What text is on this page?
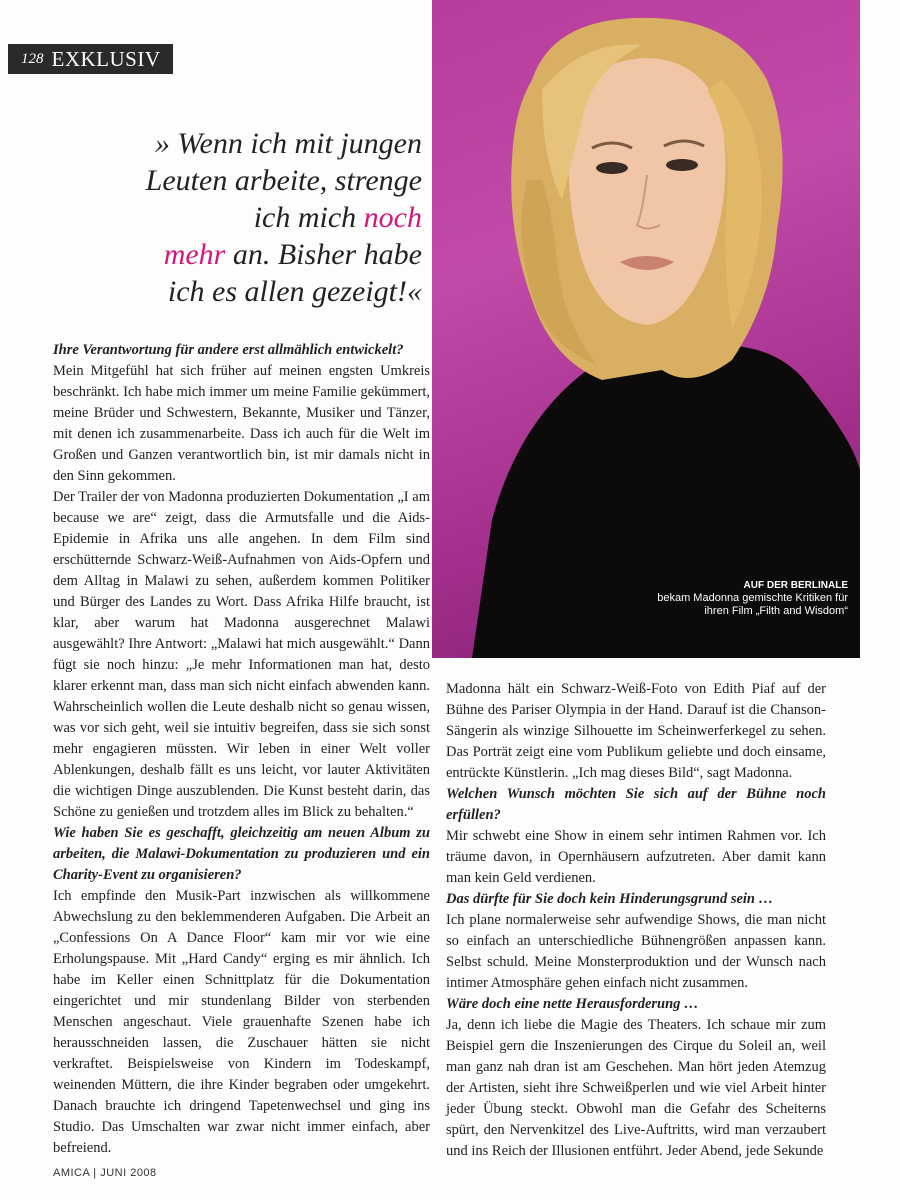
128 EXKLUSIV
» Wenn ich mit jungen Leuten arbeite, strenge ich mich noch
mehr an. Bisher habe ich es allen gezeigt!«
AUF DER BERLINALE
bekam Madonna gemischte Kritiken für ihren Film „Filth and Wisdom“

Ihre Verantwortung für andere erst allmählich entwickelt?

Mein Mitgefühl hat sich früher auf meinen engsten Umkreis beschränkt. Ich habe mich immer um meine Familie gekümmert, meine Brüder und Schwestern, Bekannte, Musiker und Tänzer, mit denen ich zusammenarbeite. Dass ich auch für die Welt im Großen und Ganzen verantwortlich bin, ist mir damals nicht in den Sinn gekommen.

Der Trailer der von Madonna produzierten Dokumentation „I am because we are“ zeigt, dass die Armutsfalle und die Aids-Epidemie in Afrika uns alle angehen. In dem Film sind erschütternde Schwarz-Weiß-Aufnahmen von Aids-Opfern und dem Alltag in Malawi zu sehen, außerdem kommen Politiker und Bürger des Landes zu Wort. Dass Afrika Hilfe braucht, ist klar, aber warum hat Madonna ausgerechnet Malawi ausgewählt? Ihre Antwort: „Malawi hat mich ausgewählt.“ Dann fügt sie noch hinzu: „Je mehr Informationen man hat, desto klarer erkennt man, dass man sich nicht einfach abwenden kann. Wahrscheinlich wollen die Leute deshalb nicht so genau wissen, was vor sich geht, weil sie intuitiv begreifen, dass sie sich sonst mehr engagieren müssten. Wir leben in einer Welt voller Ablenkungen, deshalb fällt es uns leicht, vor lauter Aktivitäten die wichtigen Dinge auszublenden. Die Kunst besteht darin, das Schöne zu genießen und trotzdem alles im Blick zu behalten.“

Wie haben Sie es geschafft, gleichzeitig am neuen Album zu arbeiten, die Malawi-Dokumentation zu produzieren und ein Charity-Event zu organisieren?

Ich empfinde den Musik-Part inzwischen als willkommene Abwechslung zu den beklemmenderen Aufgaben. Die Arbeit an „Confessions On A Dance Floor“ kam mir vor wie eine Erholungspause. Mit „Hard Candy“ erging es mir ähnlich. Ich habe im Keller einen Schnittplatz für die Dokumentation eingerichtet und mir stundenlang Bilder von sterbenden Menschen angeschaut. Viele grauenhafte Szenen habe ich herausschneiden lassen, die Zuschauer hätten sie nicht verkraftet. Beispielsweise von Kindern im Todeskampf, weinenden Müttern, die ihre Kinder begraben oder umgekehrt. Danach brauchte ich dringend Tapetenwechsel und ging ins Studio. Das Umschalten war zwar nicht immer einfach, aber befreiend.

Madonna hält ein Schwarz-Weiß-Foto von Edith Piaf auf der Bühne des Pariser Olympia in der Hand. Darauf ist die Chanson-Sängerin als winzige Silhouette im Scheinwerferkegel zu sehen. Das Porträt zeigt eine vom Publikum geliebte und doch einsame, entrückte Künstlerin. „Ich mag dieses Bild“, sagt Madonna.

Welchen Wunsch möchten Sie sich auf der Bühne noch erfüllen?

Mir schwebt eine Show in einem sehr intimen Rahmen vor. Ich träume davon, in Opernhäusern aufzutreten. Aber damit kann man kein Geld verdienen.

Das dürfte für Sie doch kein Hinderungsgrund sein …

Ich plane normalerweise sehr aufwendige Shows, die man nicht so einfach an unterschiedliche Bühnengrößen anpassen kann. Selbst schuld. Meine Monsterproduktion und der Wunsch nach intimer Atmosphäre gehen einfach nicht zusammen.

Wäre doch eine nette Herausforderung …

Ja, denn ich liebe die Magie des Theaters. Ich schaue mir zum Beispiel gern die Inszenierungen des Cirque du Soleil an, weil man ganz nah dran ist am Geschehen. Man hört jeden Atemzug der Artisten, sieht ihre Schweißperlen und wie viel Arbeit hinter jeder Übung steckt. Obwohl man die Gefahr des Scheiterns spürt, den Nervenkitzel des Live-Auftritts, wird man verzaubert und ins Reich der Illusionen entführt. Jeder Abend, jede Sekunde

AMICA | JUNI 2008
